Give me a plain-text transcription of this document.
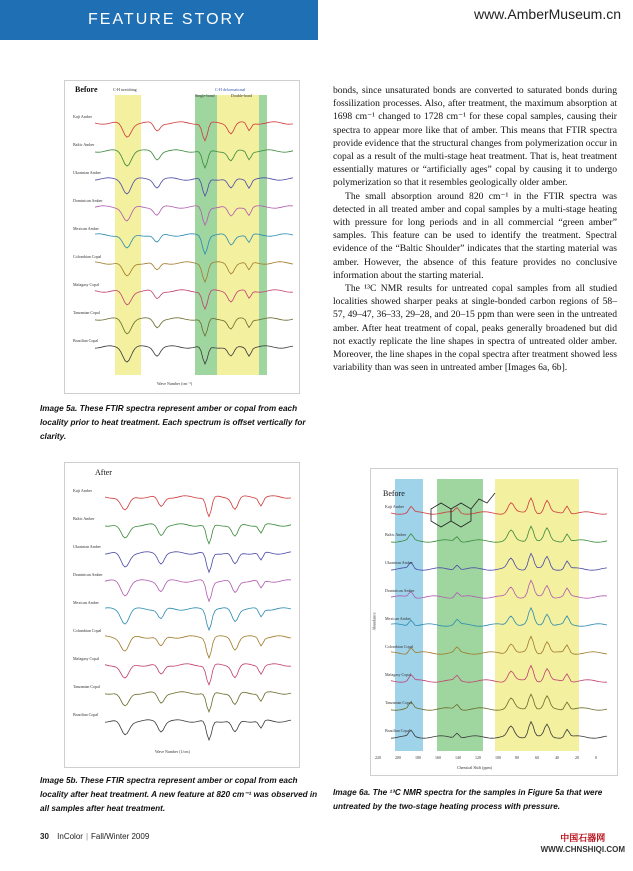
FEATURE STORY	www.AmberMuseum.cn
Before	C-H stretching	C-H deformational
Single-bond	Double-bond
Kuji Amber
Baltic Amber
Ukrainian Amber
Dominican Amber
Mexican Amber
Colombian Copal
Malagasy Copal
Tanzanian Copal
Brazilian Copal
Wave Number (cm⁻¹)
Image 5a. These FTIR spectra represent amber or copal from each locality prior to heat treatment. Each spectrum is offset vertically for clarity.
After
Kuji Amber
Baltic Amber
Ukrainian Amber
Dominican Amber
Mexican Amber
Columbian Copal
Malagasy Copal
Tanzanian Copal
Brazilian Copal
Wave Number (1/cm)
Image 5b. These FTIR spectra represent amber or copal from each locality after heat treatment. A new feature at 820 cm⁻¹ was observed in all samples after heat treatment.
Before
Kuji Amber
Baltic Amber
Ukrainian Amber
Dominican Amber
Mexican Amber
Colombian Copal
Malagasy Copal
Tanzanian Copal
Brazilian Copal
Abundance
220	200	180	160	140	120	100	80	60	40	20	0
Chemical Shift (ppm)
Image 6a. The ¹³C NMR spectra for the samples in Figure 5a that were untreated by the two-stage heating process with pressure.

bonds, since unsaturated bonds are converted to saturated bonds during fossilization processes. Also, after treatment, the maximum absorption at 1698 cm⁻¹ changed to 1728 cm⁻¹ for these copal samples, causing their spectra to appear more like that of amber. This means that FTIR spectra provide evidence that the structural changes from polymerization occur in copal as a result of the multi-stage heat treatment. That is, heat treatment essentially matures or “artificially ages” copal by causing it to undergo polymerization so that it resembles geologically older amber.

The small absorption around 820 cm⁻¹ in the FTIR spectra was detected in all treated amber and copal samples by a multi-stage heating with pressure for long periods and in all commercial “green amber” samples. This feature can be used to identify the treatment. Spectral evidence of the “Baltic Shoulder” indicates that the starting material was amber. However, the absence of this feature provides no conclusive information about the starting material.

The ¹³C NMR results for untreated copal samples from all studied localities showed sharper peaks at single-bonded carbon regions of 58–57, 49–47, 36–33, 29–28, and 20–15 ppm than were seen in the untreated amber. After heat treatment of copal, peaks generally broadened but did not exactly replicate the line shapes in spectra of untreated older amber. Moreover, the line shapes in the copal spectra after treatment showed less variability than was seen in untreated amber [Images 6a, 6b].

30 InColor | Fall/Winter 2009	中国石器网
WWW.CHNSHIQI.COM
